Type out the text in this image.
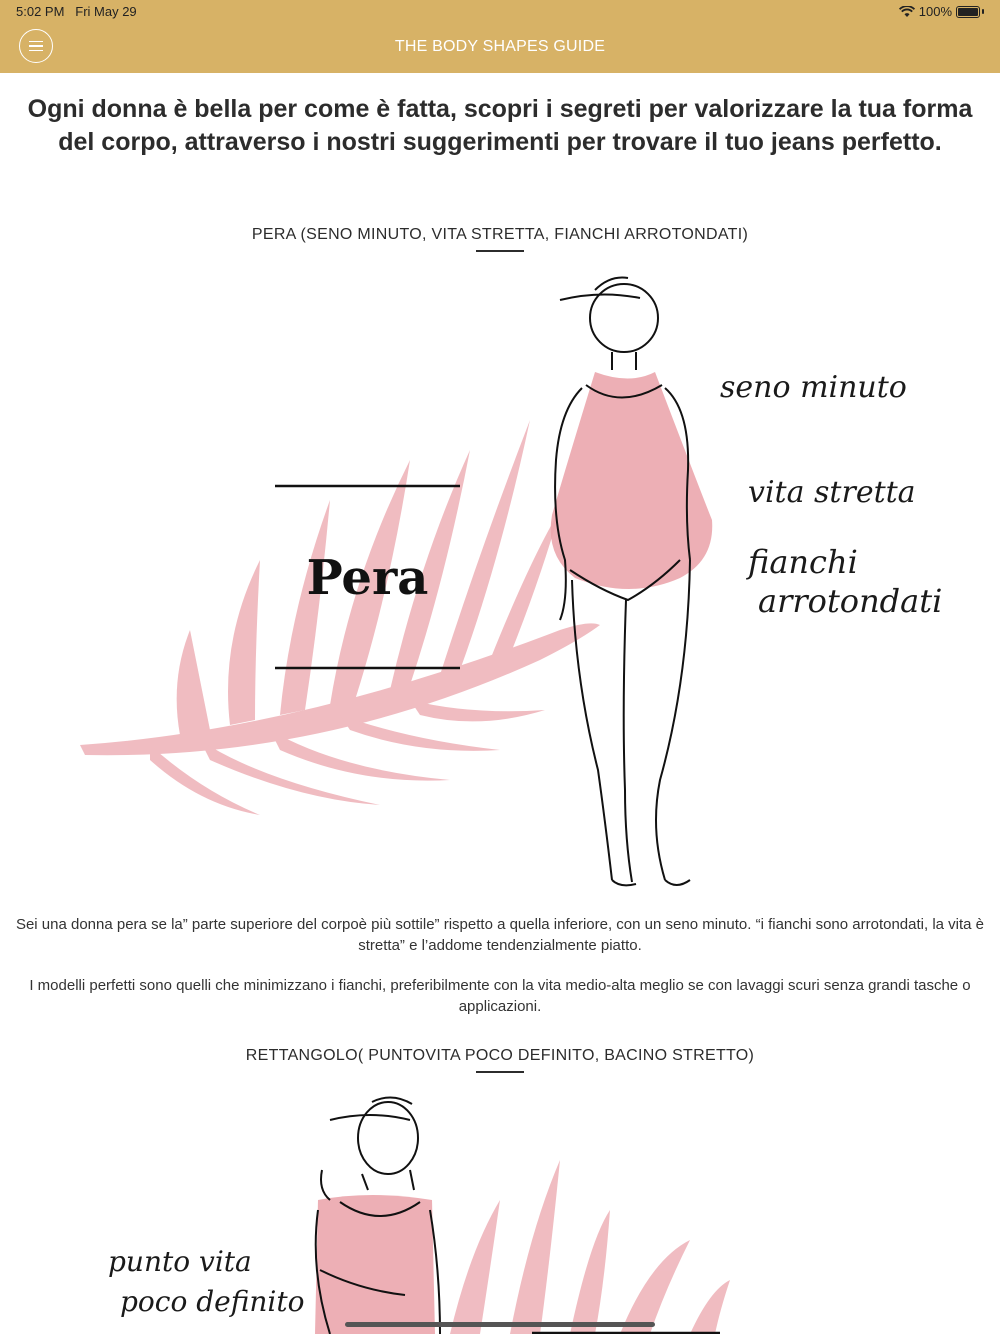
5:02 PM Fri May 29	100%
THE BODY SHAPES GUIDE
Ogni donna è bella per come è fatta, scopri i segreti per valorizzare la tua forma del corpo, attraverso i nostri suggerimenti per trovare il tuo jeans perfetto.
PERA (SENO MINUTO, VITA STRETTA, FIANCHI ARROTONDATI)
Pera
seno minuto
vita stretta
fianchi
arrotondati
Sei una donna pera se la” parte superiore del corpoè più sottile” rispetto a quella inferiore, con un seno minuto. “i fianchi sono arrotondati, la vita è stretta” e l’addome tendenzialmente piatto.
I modelli perfetti sono quelli che minimizzano i fianchi, preferibilmente con la vita medio-alta meglio se con lavaggi scuri senza grandi tasche o applicazioni.
RETTANGOLO( PUNTOVITA POCO DEFINITO, BACINO STRETTO)
punto vita
poco definito
